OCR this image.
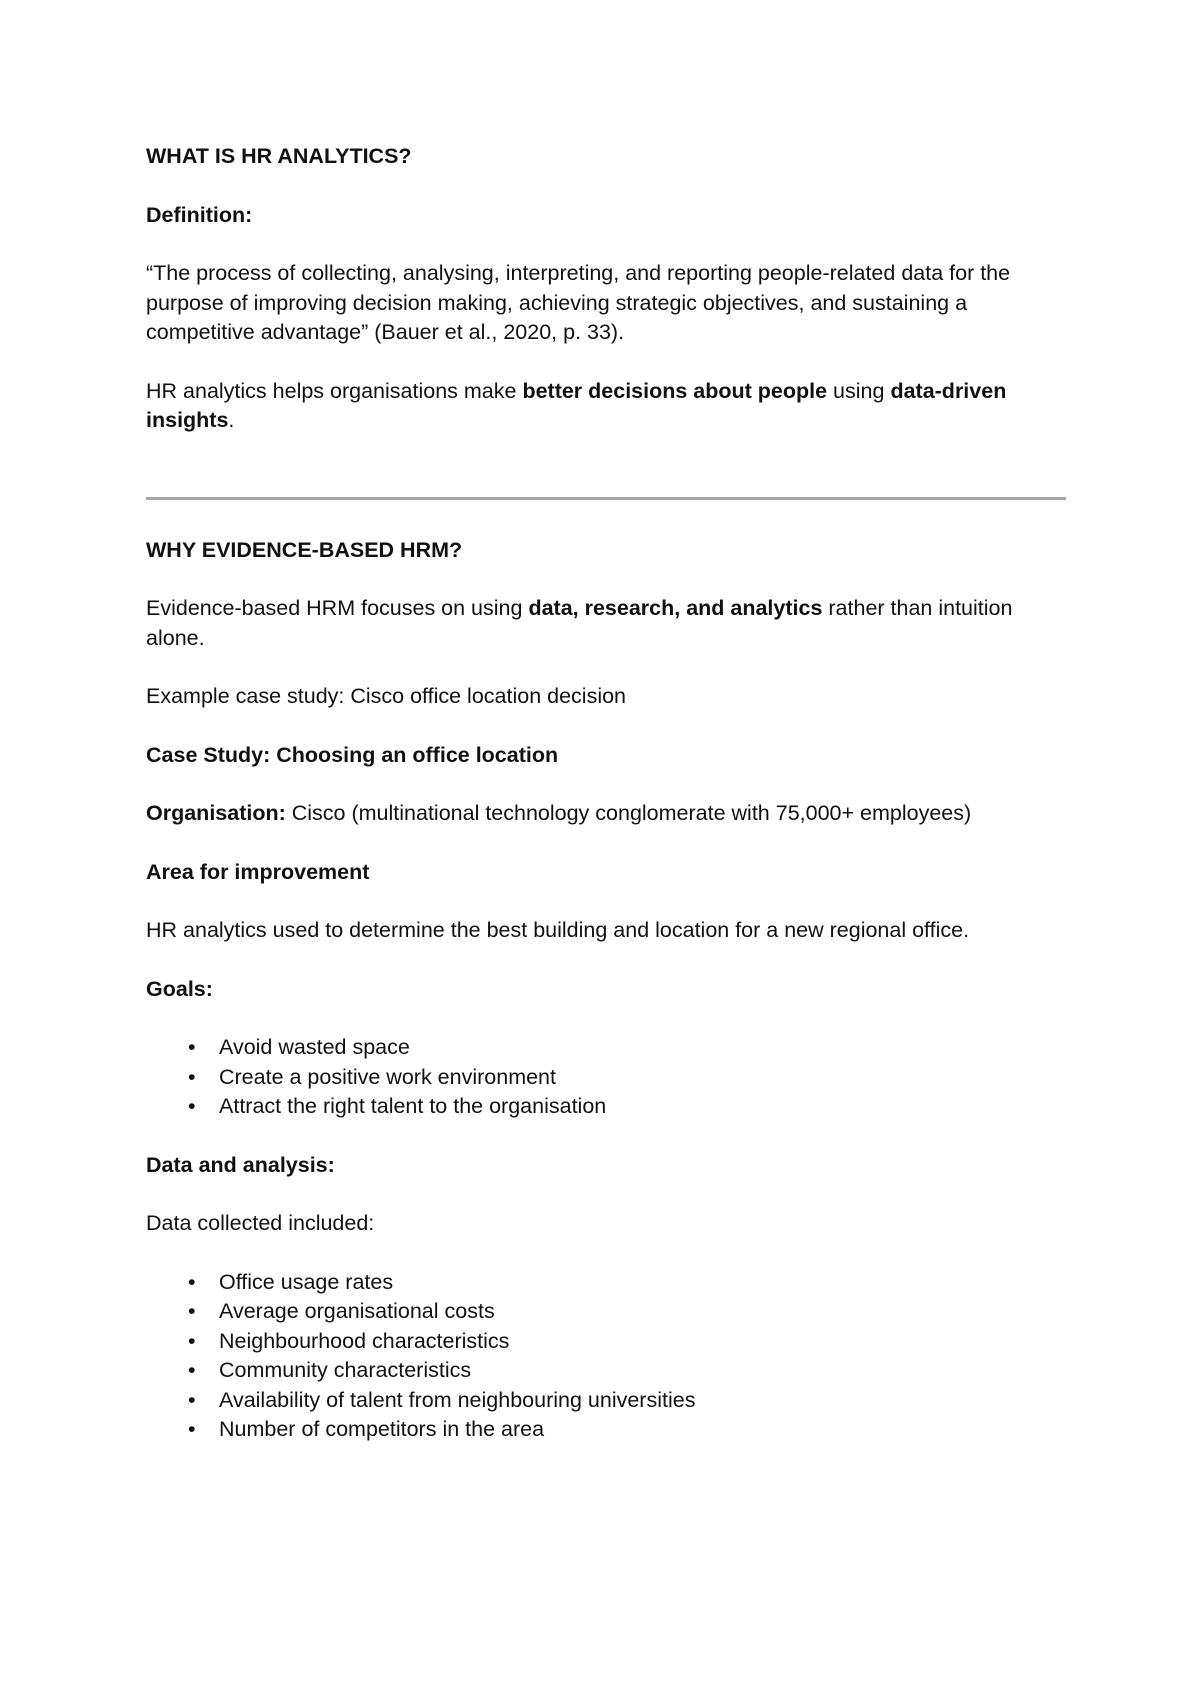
WHAT IS HR ANALYTICS?

Definition:

“The process of collecting, analysing, interpreting, and reporting people-related data for the purpose of improving decision making, achieving strategic objectives, and sustaining a competitive advantage” (Bauer et al., 2020, p. 33).

HR analytics helps organisations make better decisions about people using data-driven insights.

WHY EVIDENCE-BASED HRM?

Evidence-based HRM focuses on using data, research, and analytics rather than intuition alone.

Example case study: Cisco office location decision

Case Study: Choosing an office location

Organisation: Cisco (multinational technology conglomerate with 75,000+ employees)

Area for improvement

HR analytics used to determine the best building and location for a new regional office.

Goals:

• Avoid wasted space
• Create a positive work environment
• Attract the right talent to the organisation

Data and analysis:

Data collected included:

• Office usage rates
• Average organisational costs
• Neighbourhood characteristics
• Community characteristics
• Availability of talent from neighbouring universities
• Number of competitors in the area
